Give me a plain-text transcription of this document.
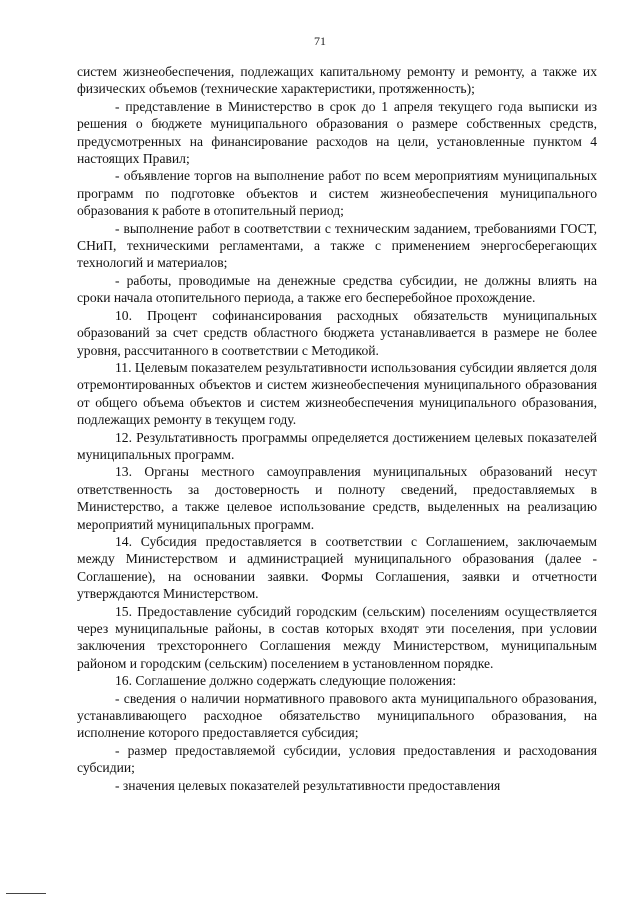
71

систем жизнеобеспечения, подлежащих капитальному ремонту и ремонту, а также их физических объемов (технические характеристики, протяженность);

- представление в Министерство в срок до 1 апреля текущего года выписки из решения о бюджете муниципального образования о размере собственных средств, предусмотренных на финансирование расходов на цели, установленные пунктом 4 настоящих Правил;

- объявление торгов на выполнение работ по всем мероприятиям муниципальных программ по подготовке объектов и систем жизнеобеспечения муниципального образования к работе в отопительный период;

- выполнение работ в соответствии с техническим заданием, требованиями ГОСТ, СНиП, техническими регламентами, а также с применением энергосберегающих технологий и материалов;

- работы, проводимые на денежные средства субсидии, не должны влиять на сроки начала отопительного периода, а также его бесперебойное прохождение.

10. Процент софинансирования расходных обязательств муниципальных образований за счет средств областного бюджета устанавливается в размере не более уровня, рассчитанного в соответствии с Методикой.

11. Целевым показателем результативности использования субсидии является доля отремонтированных объектов и систем жизнеобеспечения муниципального образования от общего объема объектов и систем жизнеобеспечения муниципального образования, подлежащих ремонту в текущем году.

12. Результативность программы определяется достижением целевых показателей муниципальных программ.

13. Органы местного самоуправления муниципальных образований несут ответственность за достоверность и полноту сведений, предоставляемых в Министерство, а также целевое использование средств, выделенных на реализацию мероприятий муниципальных программ.

14. Субсидия предоставляется в соответствии с Соглашением, заключаемым между Министерством и администрацией муниципального образования (далее - Соглашение), на основании заявки. Формы Соглашения, заявки и отчетности утверждаются Министерством.

15. Предоставление субсидий городским (сельским) поселениям осуществляется через муниципальные районы, в состав которых входят эти поселения, при условии заключения трехстороннего Соглашения между Министерством, муниципальным районом и городским (сельским) поселением в установленном порядке.

16. Соглашение должно содержать следующие положения:

- сведения о наличии нормативного правового акта муниципального образования, устанавливающего расходное обязательство муниципального образования, на исполнение которого предоставляется субсидия;

- размер предоставляемой субсидии, условия предоставления и расходования субсидии;

- значения целевых показателей результативности предоставления
